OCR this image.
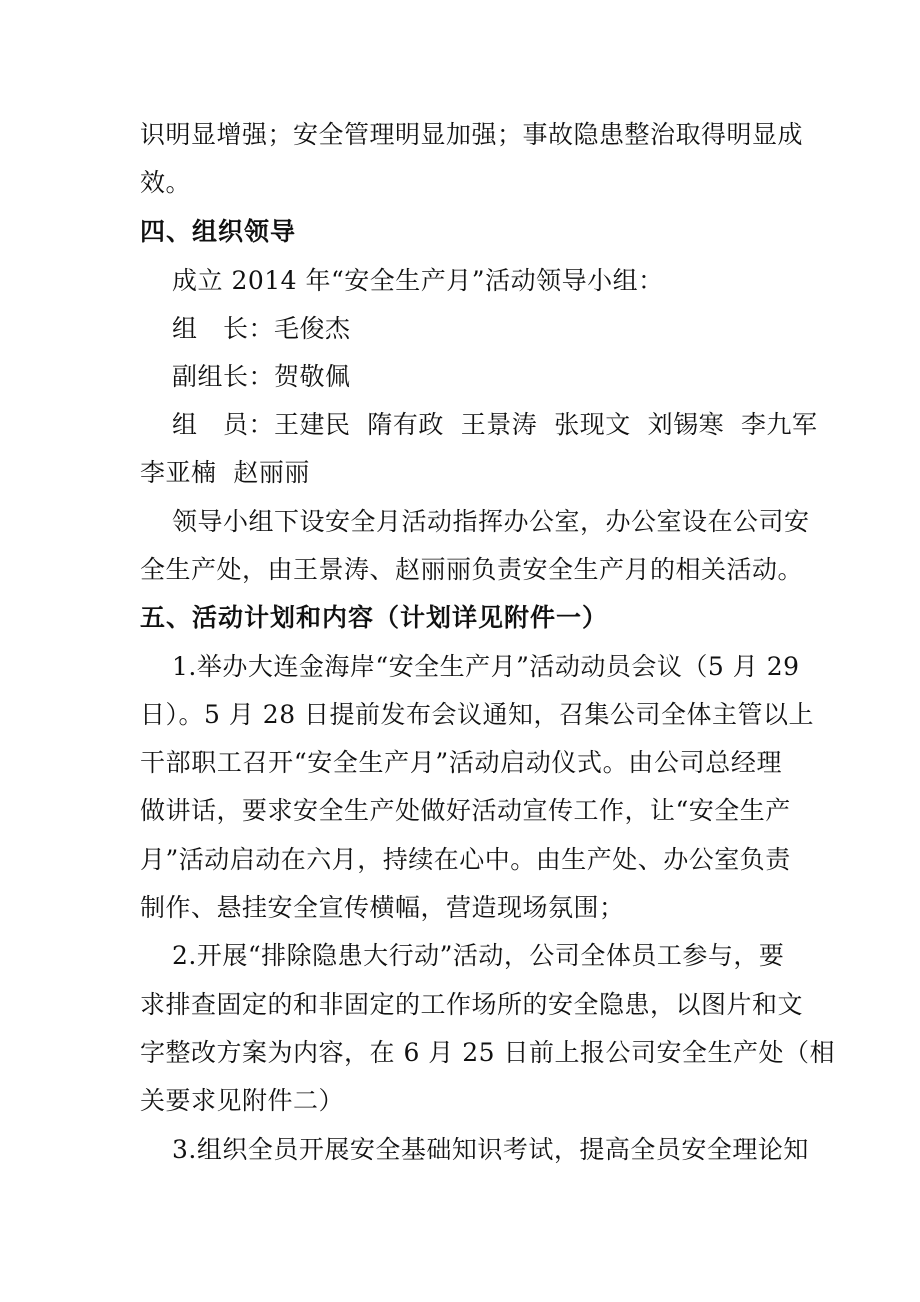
识明显增强；安全管理明显加强；事故隐患整治取得明显成
效。
四、组织领导
成立 2014 年“安全生产月”活动领导小组：
组　长：毛俊杰
副组长：贺敬佩
组　员：王建民  隋有政  王景涛  张现文  刘锡寒  李九军
李亚楠  赵丽丽
领导小组下设安全月活动指挥办公室，办公室设在公司安
全生产处，由王景涛、赵丽丽负责安全生产月的相关活动。
五、活动计划和内容（计划详见附件一）
1.举办大连金海岸“安全生产月”活动动员会议（5 月 29
日）。5 月 28 日提前发布会议通知，召集公司全体主管以上
干部职工召开“安全生产月”活动启动仪式。由公司总经理
做讲话，要求安全生产处做好活动宣传工作，让“安全生产
月”活动启动在六月，持续在心中。由生产处、办公室负责
制作、悬挂安全宣传横幅，营造现场氛围；
2.开展“排除隐患大行动”活动，公司全体员工参与，要
求排查固定的和非固定的工作场所的安全隐患，以图片和文
字整改方案为内容，在 6 月 25 日前上报公司安全生产处（相
关要求见附件二）
3.组织全员开展安全基础知识考试，提高全员安全理论知
